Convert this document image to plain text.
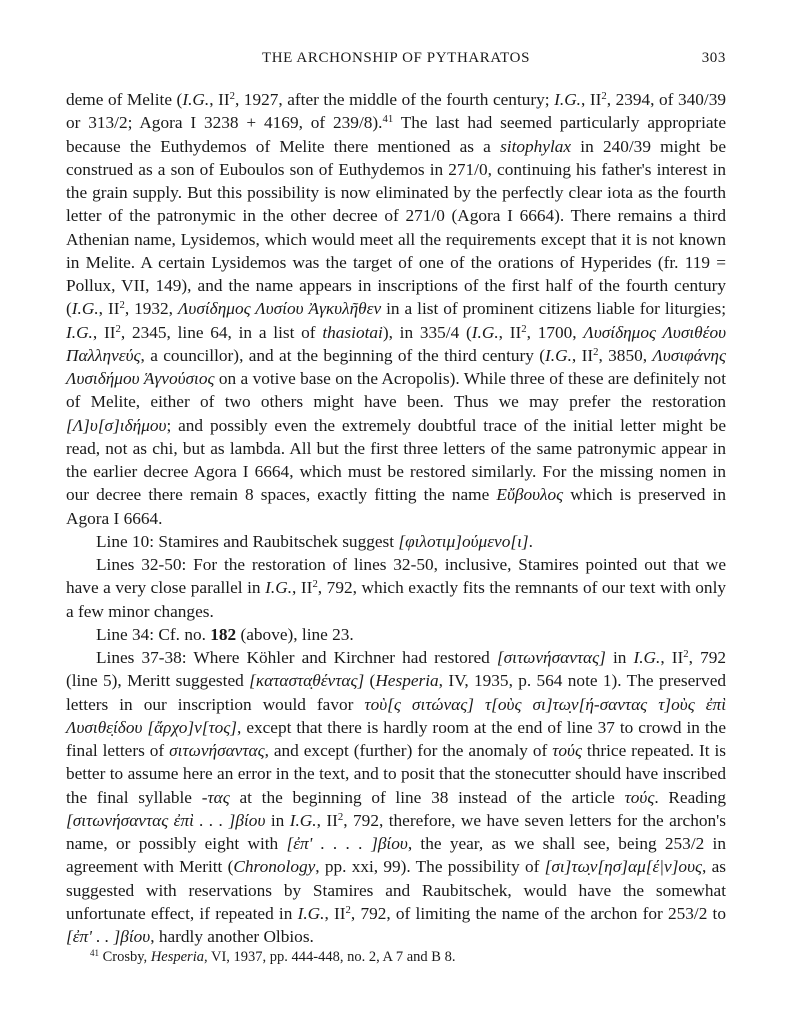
THE ARCHONSHIP OF PYTHARATOS	303

deme of Melite (I.G., $II^2$, 1927, after the middle of the fourth century; I.G., $II^2$, 2394, of 340/39 or 313/2; Agora I 3238 + 4169, of 239/8).$^{41}$ The last had seemed particularly appropriate because the Euthydemos of Melite there mentioned as a sitophylax in 240/39 might be construed as a son of Euboulos son of Euthydemos in 271/0, continuing his father's interest in the grain supply. But this possibility is now eliminated by the perfectly clear iota as the fourth letter of the patronymic in the other decree of 271/0 (Agora I 6664). There remains a third Athenian name, Lysidemos, which would meet all the requirements except that it is not known in Melite. A certain Lysidemos was the target of one of the orations of Hyperides (fr. 119 = Pollux, VII, 149), and the name appears in inscriptions of the first half of the fourth century (I.G., $II^2$, 1932, Λυσίδημος Λυσίου Ἀγκυλῆθεν in a list of prominent citizens liable for liturgies; I.G., $II^2$, 2345, line 64, in a list of thasiotai), in 335/4 (I.G., $II^2$, 1700, Λυσίδημος Λυσιθέου Παλληνεύς, a councillor), and at the beginning of the third century (I.G., $II^2$, 3850, Λυσιφάνης Λυσιδήμου Ἁγνούσιος on a votive base on the Acropolis). While three of these are definitely not of Melite, either of two others might have been. Thus we may prefer the restoration [Λ]υ[σ]ιδήμου; and possibly even the extremely doubtful trace of the initial letter might be read, not as chi, but as lambda. All but the first three letters of the same patronymic appear in the earlier decree Agora I 6664, which must be restored similarly. For the missing nomen in our decree there remain 8 spaces, exactly fitting the name Εὔβουλος which is preserved in Agora I 6664.

Line 10: Stamires and Raubitschek suggest [φιλοτιμ]ούμενο[ι].

Lines 32-50: For the restoration of lines 32-50, inclusive, Stamires pointed out that we have a very close parallel in I.G., $II^2$, 792, which exactly fits the remnants of our text with only a few minor changes.

Line 34: Cf. no. 182 (above), line 23.

Lines 37-38: Where Köhler and Kirchner had restored [σιτωνήσαντας] in I.G., $II^2$, 792 (line 5), Meritt suggested [καταστα̣θέντας] (Hesperia, IV, 1935, p. 564 note 1). The preserved letters in our inscription would favor τοὺ[ς σιτώνας] τ[οὺς σι]τω̣ν[ή-σαντας τ]οὺς ἐπὶ Λυσιθε̣ίδου [ἄρχο]ν[τος], except that there is hardly room at the end of line 37 to crowd in the final letters of σιτωνήσαντας, and except (further) for the anomaly of τούς thrice repeated. It is better to assume here an error in the text, and to posit that the stonecutter should have inscribed the final syllable -τας at the beginning of line 38 instead of the article τούς. Reading [σιτωνήσαντας ἐπὶ . . . ]βίου in I.G., $II^2$, 792, therefore, we have seven letters for the archon's name, or possibly eight with [ἐπ' . . . . ]βίου, the year, as we shall see, being 253/2 in agreement with Meritt (Chronology, pp. xxi, 99). The possibility of [σι]τω̣ν[ησ]αμ[έ|ν]ους, as suggested with reservations by Stamires and Raubitschek, would have the somewhat unfortunate effect, if repeated in I.G., $II^2$, 792, of limiting the name of the archon for 253/2 to [ἐπ' . . ]βίου, hardly another Olbios.

$^{41}$ Crosby, Hesperia, VI, 1937, pp. 444-448, no. 2, A 7 and B 8.
